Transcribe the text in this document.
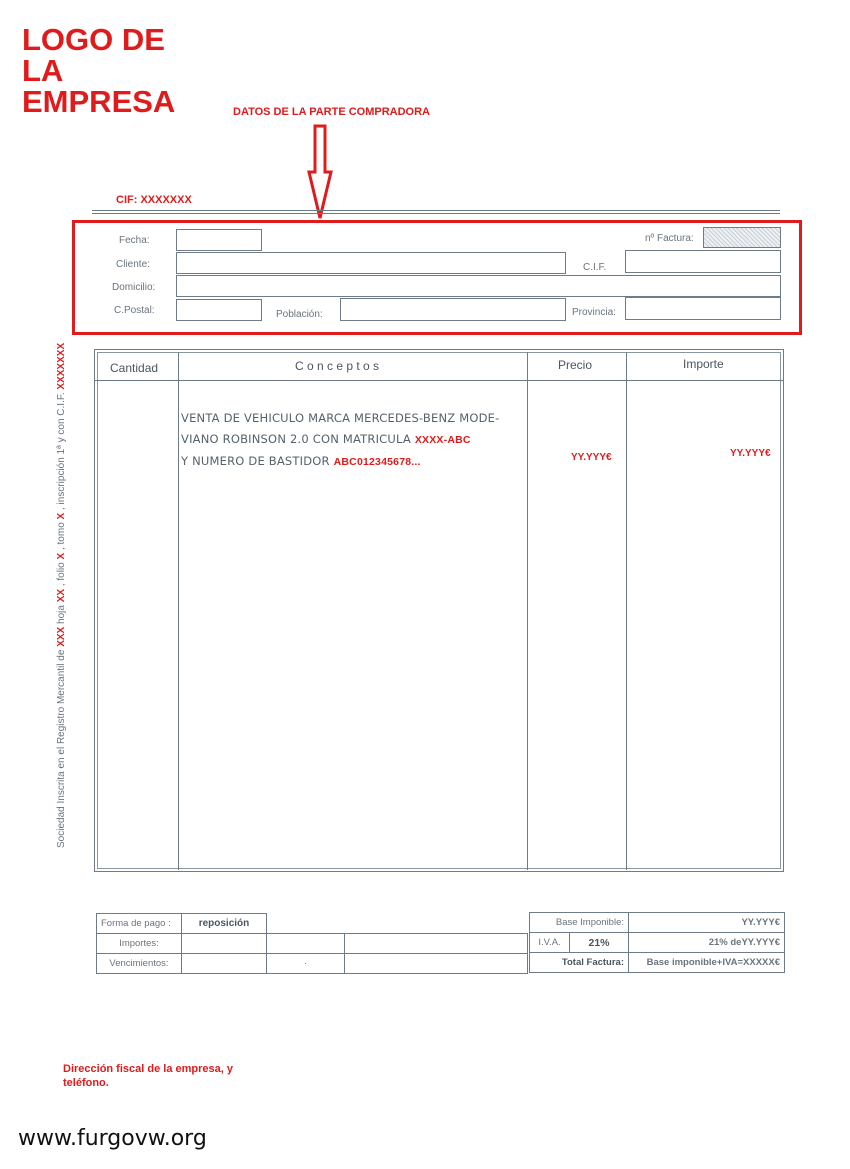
LOGO DE
LA
EMPRESA	DATOS DE LA PARTE COMPRADORA
CIF: XXXXXXX
Fecha:	nº Factura:
Cliente:	C.I.F.
Domicilio:
C.Postal:	Población:	Provincia:
Sociedad Inscrita en el Registro Mercantil de XXX hoja XX , folio X , tomo X , inscripción 1ª y con C.I.F. XXXXXXX	Cantidad	C o n c e p t o s	Precio	Importe
VENTA DE VEHICULO MARCA MERCEDES-BENZ MODE-
VIANO ROBINSON 2.0 CON MATRICULA XXXX-ABC
Y NUMERO DE BASTIDOR ABC012345678...	YY.YYY€	YY.YYY€
Forma de pago :	reposición		
Importes:			
Vencimientos:		·	
Base Imponible:		YY.YYY€
I.V.A.	21%	21% deYY.YYY€
Total Factura:		Base imponible+IVA=XXXXX€
Dirección fiscal de la empresa, y teléfono.
www.furgovw.org
